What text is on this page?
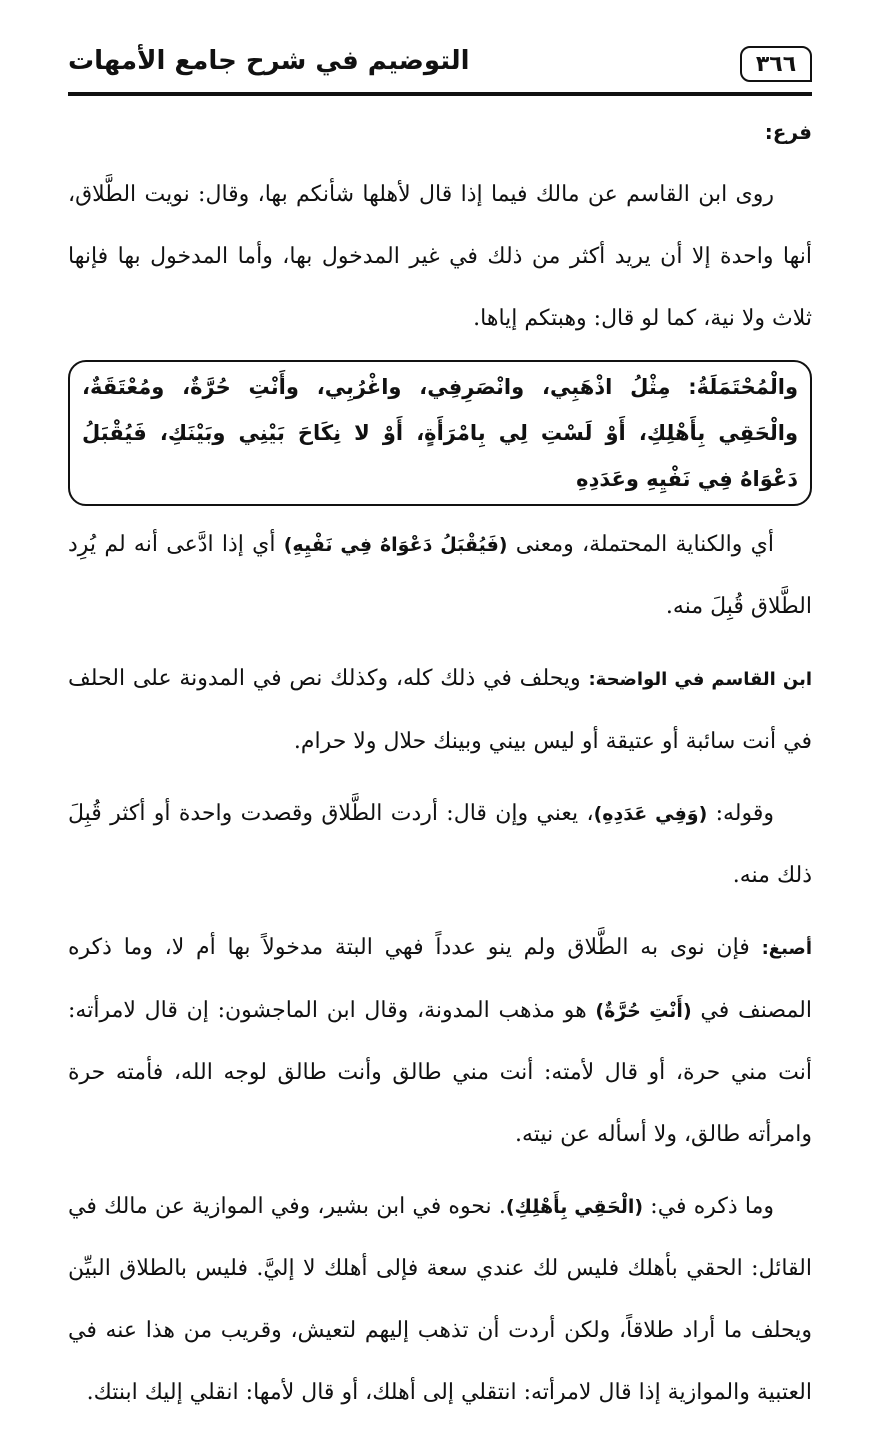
٣٦٦
التوضيم في شرح جامع الأمهات
فرع:

روى ابن القاسم عن مالك فيما إذا قال لأهلها شأنكم بها، وقال: نويت الطَّلاق، أنها واحدة إلا أن يريد أكثر من ذلك في غير المدخول بها، وأما المدخول بها فإنها ثلاث ولا نية، كما لو قال: وهبتكم إياها.

والْمُحْتَمَلَةُ: مِثْلُ اذْهَبِي، وانْصَرِفِي، واغْرُبِي، وأَنْتِ حُرَّةٌ، ومُعْتَقَةٌ، والْحَقِي بِأَهْلِكِ، أَوْ لَسْتِ لِي بِامْرَأَةٍ، أَوْ لا نِكَاحَ بَيْنِي وبَيْنَكِ، فَيُقْبَلُ دَعْوَاهُ فِي نَفْيِهِ وعَدَدِهِ

أي والكناية المحتملة، ومعنى (فَيُقْبَلُ دَعْوَاهُ فِي نَفْيِهِ) أي إذا ادَّعى أنه لم يُرِد الطَّلاق قُبِلَ منه.

ابن القاسم في الواضحة: ويحلف في ذلك كله، وكذلك نص في المدونة على الحلف في أنت سائبة أو عتيقة أو ليس بيني وبينك حلال ولا حرام.

وقوله: (وَفِي عَدَدِهِ)، يعني وإن قال: أردت الطَّلاق وقصدت واحدة أو أكثر قُبِلَ ذلك منه.

أصبغ: فإن نوى به الطَّلاق ولم ينو عدداً فهي البتة مدخولاً بها أم لا، وما ذكره المصنف في (أَنْتِ حُرَّةٌ) هو مذهب المدونة، وقال ابن الماجشون: إن قال لامرأته: أنت مني حرة، أو قال لأمته: أنت مني طالق وأنت طالق لوجه الله، فأمته حرة وامرأته طالق، ولا أسأله عن نيته.

وما ذكره في: (الْحَقِي بِأَهْلِكِ). نحوه في ابن بشير، وفي الموازية عن مالك في القائل: الحقي بأهلك فليس لك عندي سعة فإلى أهلك لا إليَّ. فليس بالطلاق البيِّن ويحلف ما أراد طلاقاً، ولكن أردت أن تذهب إليهم لتعيش، وقريب من هذا عنه في العتبية والموازية إذا قال لامرأته: انتقلي إلى أهلك، أو قال لأمها: انقلي إليك ابنتك.
